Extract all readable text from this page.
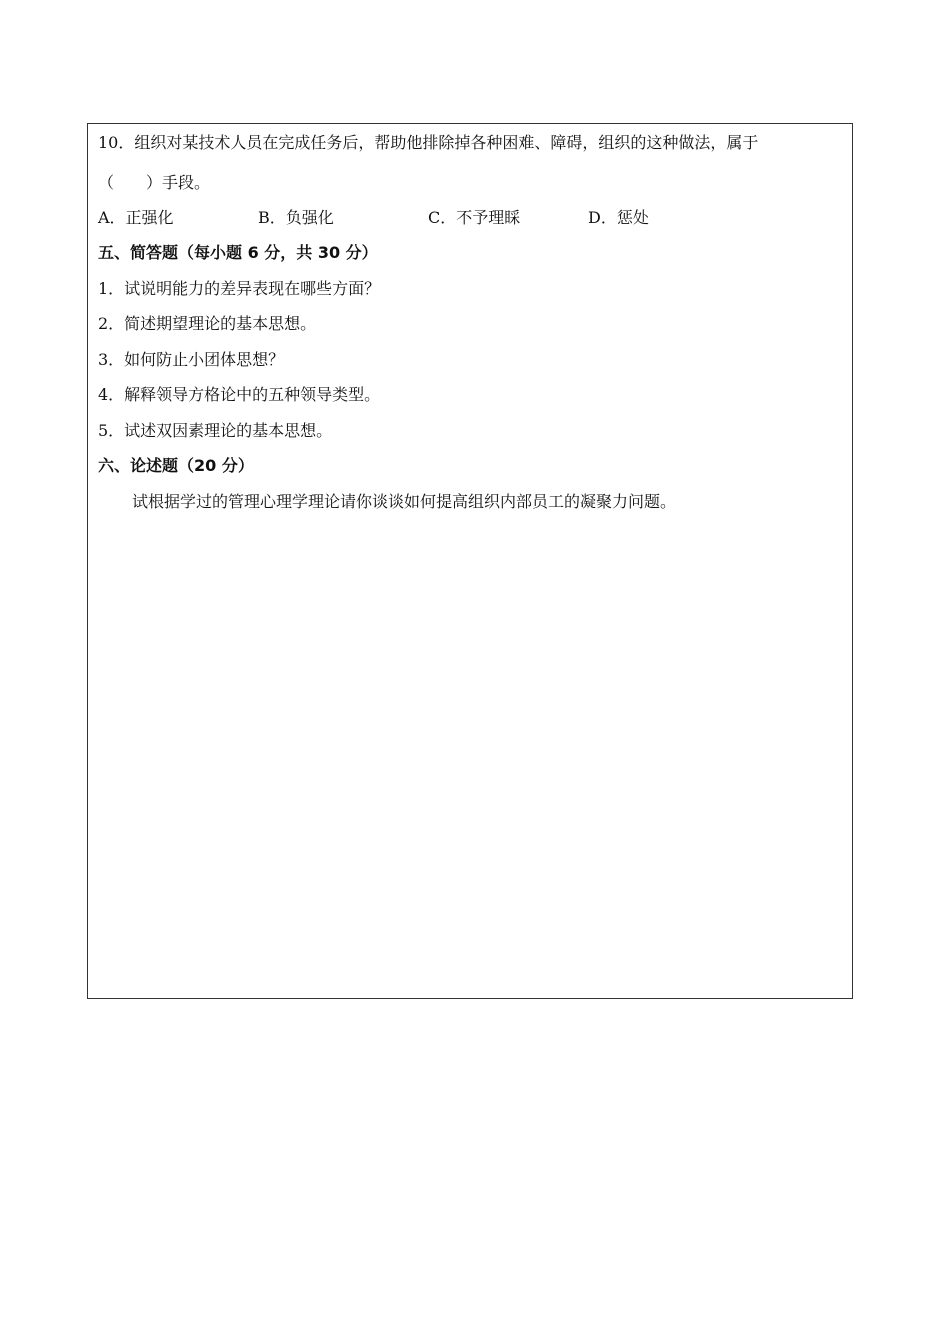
10．组织对某技术人员在完成任务后，帮助他排除掉各种困难、障碍，组织的这种做法，属于
（　　）手段。
A．正强化	B．负强化	C．不予理睬	D．惩处
五、简答题（每小题 6 分，共 30 分）
1．试说明能力的差异表现在哪些方面？
2．简述期望理论的基本思想。
3．如何防止小团体思想？
4．解释领导方格论中的五种领导类型。
5．试述双因素理论的基本思想。
六、论述题（20 分）
试根据学过的管理心理学理论请你谈谈如何提高组织内部员工的凝聚力问题。
